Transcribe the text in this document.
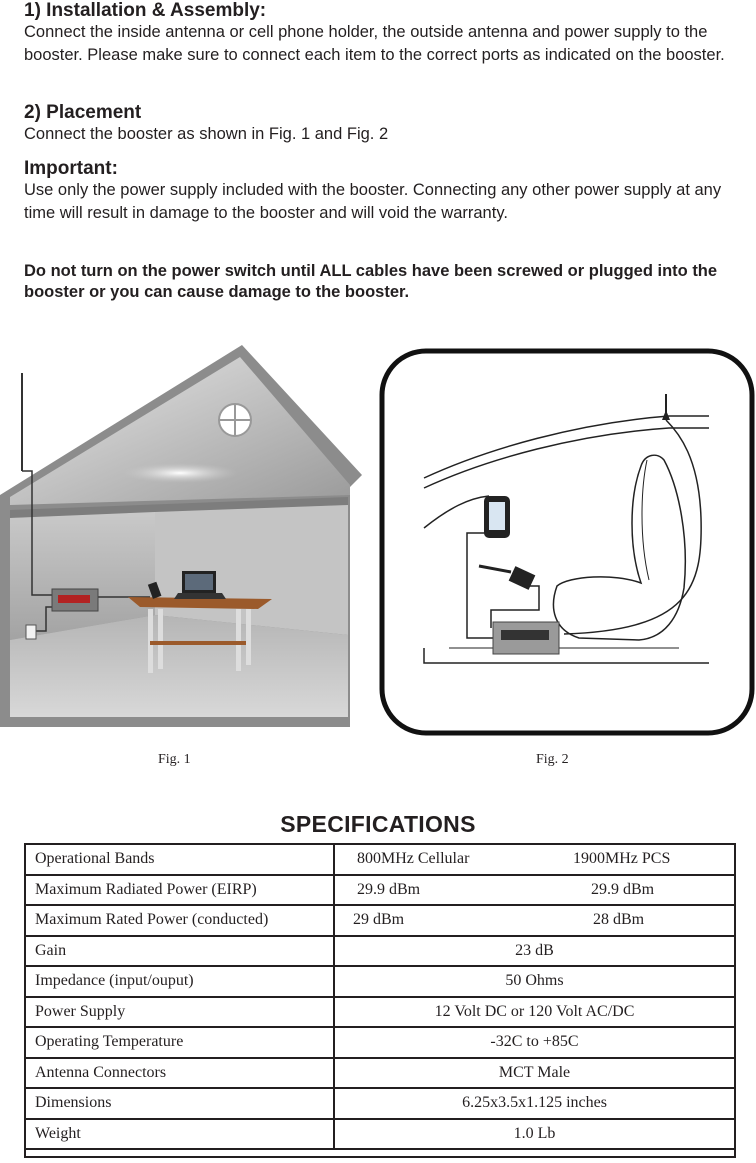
1) Installation & Assembly:
Connect the inside antenna or cell phone holder, the outside antenna and power supply to the booster. Please make sure to connect each item to the correct ports as indicated on the booster.
2) Placement
Connect the booster as shown in Fig. 1 and Fig. 2
Important:
Use only the power supply included with the booster. Connecting any other power supply at any time will result in damage to the booster and will void the warranty.
Do not turn on the power switch until ALL cables have been screwed or plugged into the booster or you can cause damage to the booster.
Fig. 1	Fig. 2
SPECIFICATIONS
Operational Bands	800MHz Cellular 1900MHz PCS

Maximum Radiated Power (EIRP)	29.9 dBm 29.9 dBm

Maximum Rated Power (conducted)	29 dBm 28 dBm

Gain	23 dB
Impedance (input/ouput)	50 Ohms
Power Supply	12 Volt DC or 120 Volt AC/DC
Operating Temperature	-32C to +85C
Antenna Connectors	MCT Male
Dimensions	6.25x3.5x1.125 inches
Weight	1.0 Lb
